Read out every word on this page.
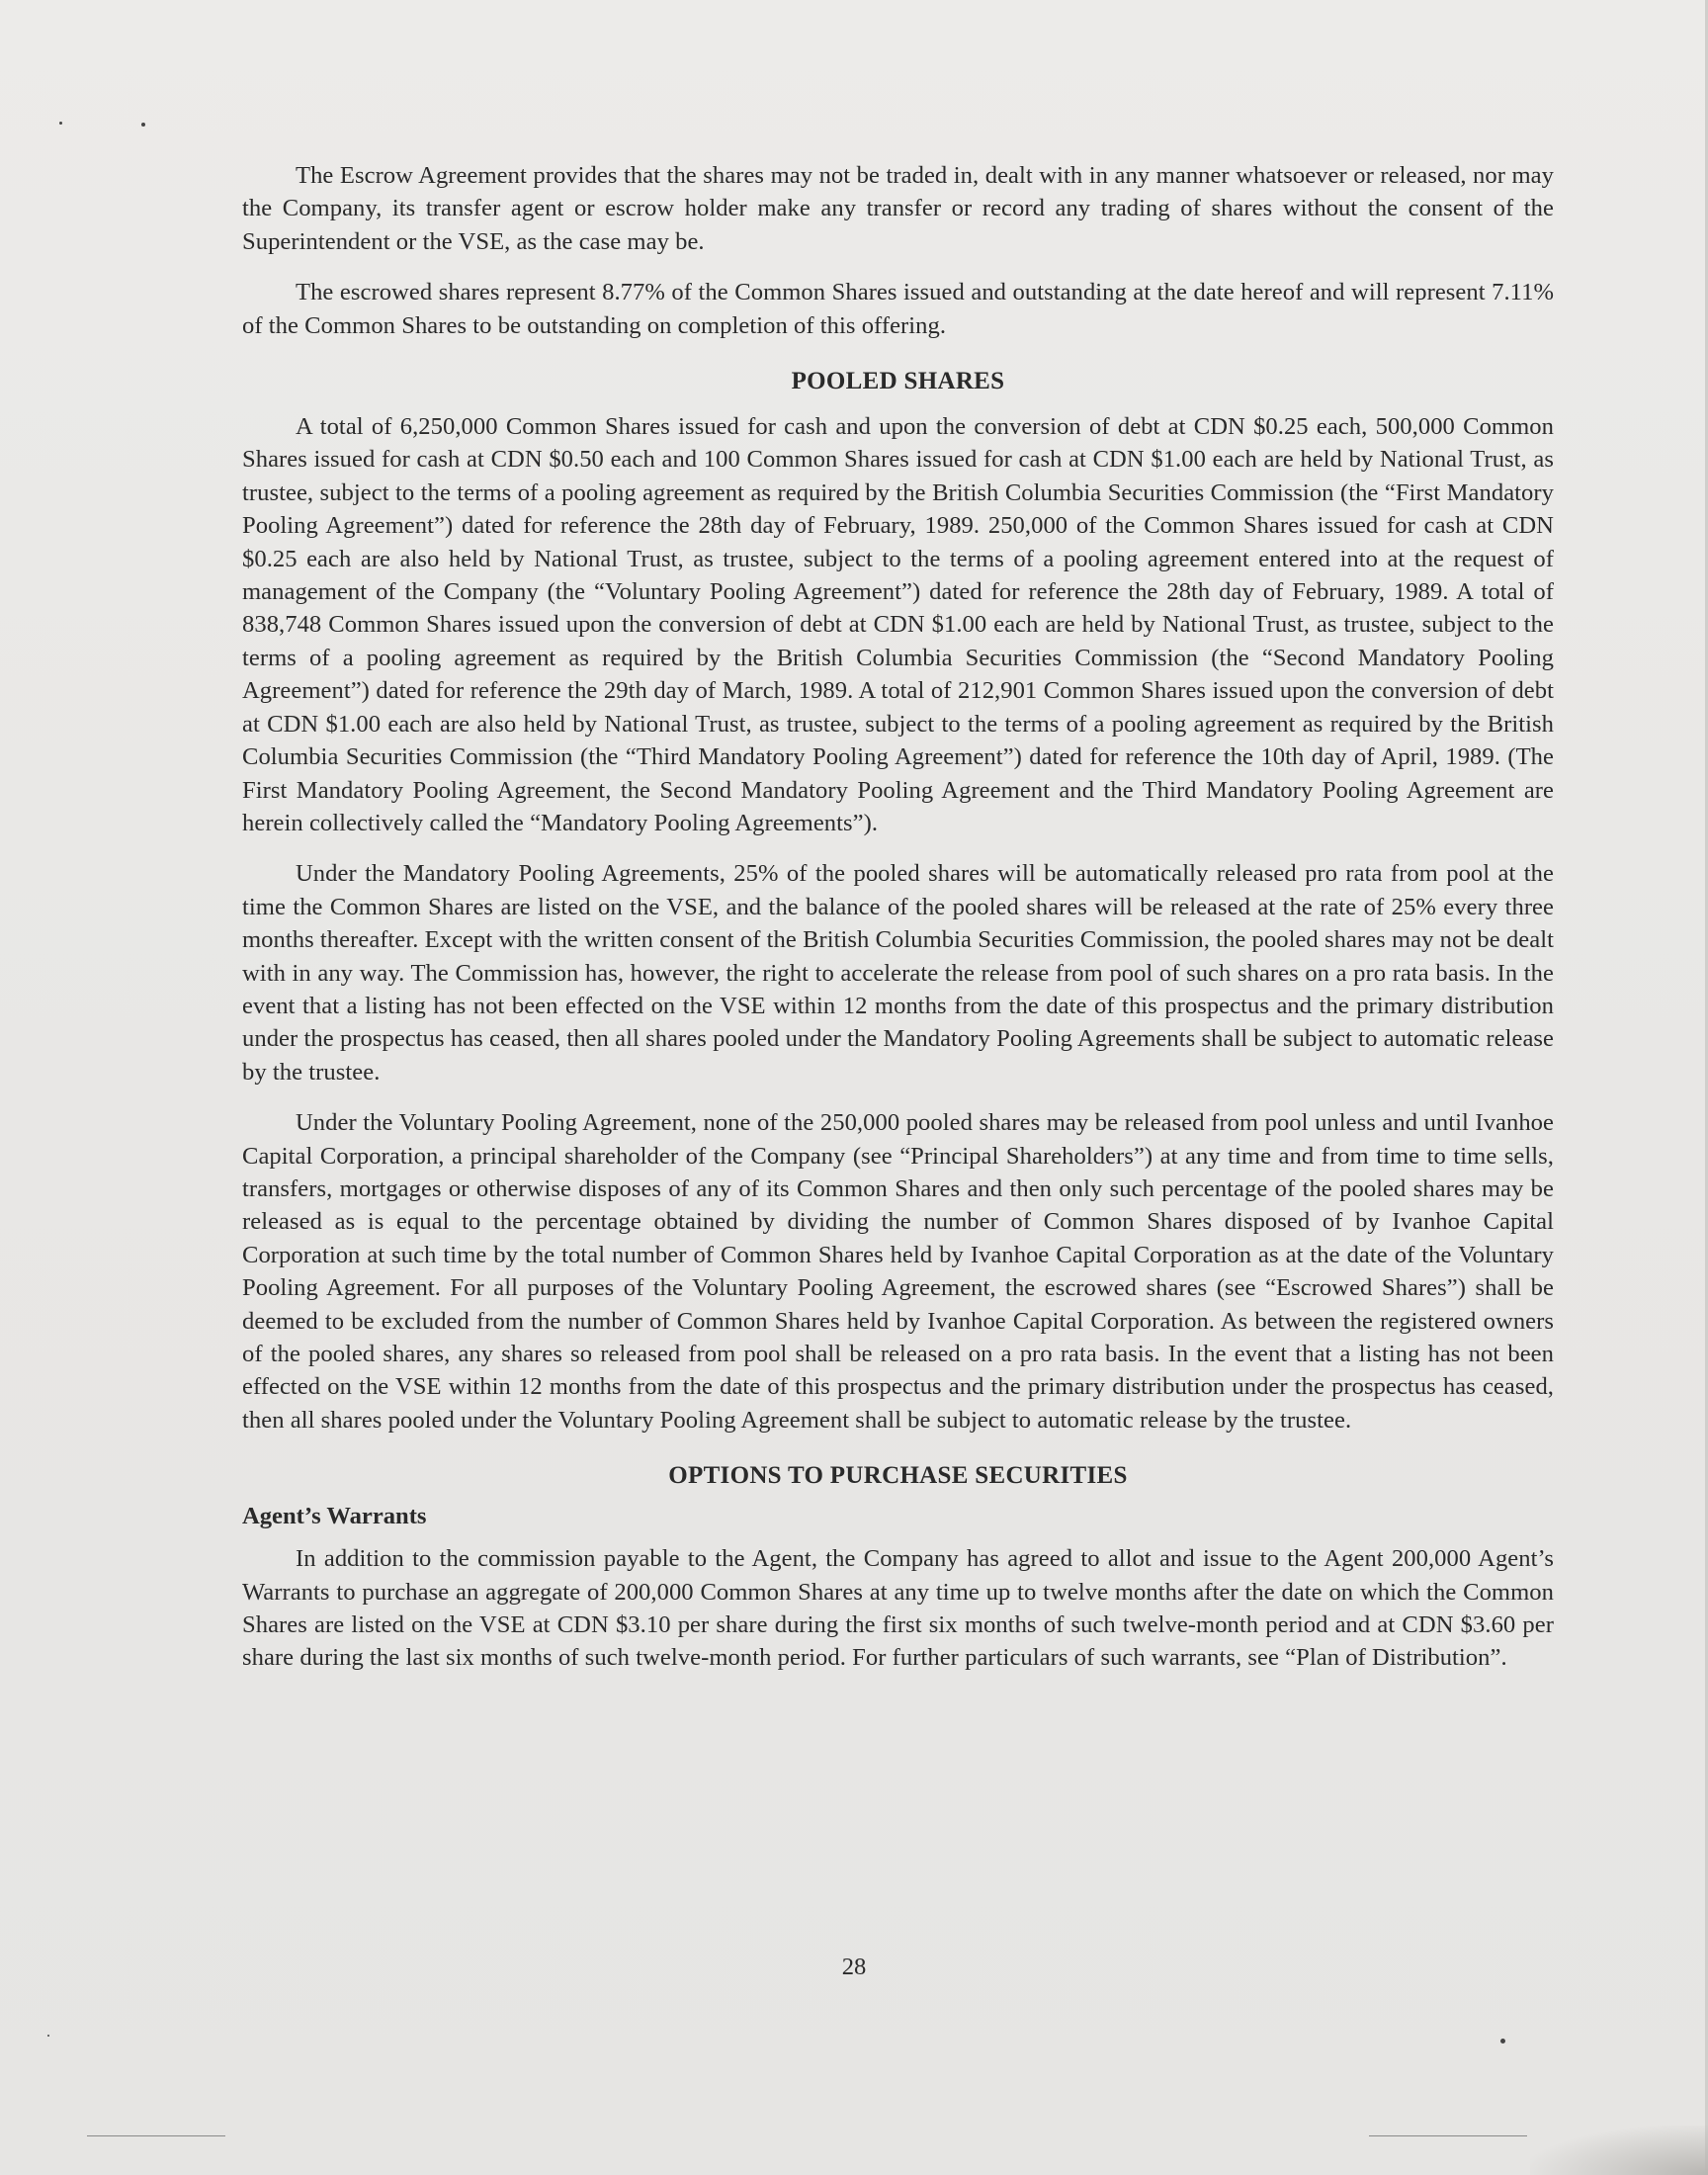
The Escrow Agreement provides that the shares may not be traded in, dealt with in any manner whatsoever or released, nor may the Company, its transfer agent or escrow holder make any transfer or record any trading of shares without the consent of the Superintendent or the VSE, as the case may be.

The escrowed shares represent 8.77% of the Common Shares issued and outstanding at the date hereof and will represent 7.11% of the Common Shares to be outstanding on completion of this offering.

POOLED SHARES

A total of 6,250,000 Common Shares issued for cash and upon the conversion of debt at CDN $0.25 each, 500,000 Common Shares issued for cash at CDN $0.50 each and 100 Common Shares issued for cash at CDN $1.00 each are held by National Trust, as trustee, subject to the terms of a pooling agreement as required by the British Columbia Securities Commission (the “First Mandatory Pooling Agreement”) dated for reference the 28th day of February, 1989. 250,000 of the Common Shares issued for cash at CDN $0.25 each are also held by National Trust, as trustee, subject to the terms of a pooling agreement entered into at the request of management of the Company (the “Voluntary Pooling Agreement”) dated for reference the 28th day of February, 1989. A total of 838,748 Common Shares issued upon the conversion of debt at CDN $1.00 each are held by National Trust, as trustee, subject to the terms of a pooling agreement as required by the British Columbia Securities Commission (the “Second Mandatory Pooling Agreement”) dated for reference the 29th day of March, 1989. A total of 212,901 Common Shares issued upon the conversion of debt at CDN $1.00 each are also held by National Trust, as trustee, subject to the terms of a pooling agreement as required by the British Columbia Securities Commission (the “Third Mandatory Pooling Agreement”) dated for reference the 10th day of April, 1989. (The First Mandatory Pooling Agreement, the Second Mandatory Pooling Agreement and the Third Mandatory Pooling Agreement are herein collectively called the “Mandatory Pooling Agreements”).

Under the Mandatory Pooling Agreements, 25% of the pooled shares will be automatically released pro rata from pool at the time the Common Shares are listed on the VSE, and the balance of the pooled shares will be released at the rate of 25% every three months thereafter. Except with the written consent of the British Columbia Securities Commission, the pooled shares may not be dealt with in any way. The Commission has, however, the right to accelerate the release from pool of such shares on a pro rata basis. In the event that a listing has not been effected on the VSE within 12 months from the date of this prospectus and the primary distribution under the prospectus has ceased, then all shares pooled under the Mandatory Pooling Agreements shall be subject to automatic release by the trustee.

Under the Voluntary Pooling Agreement, none of the 250,000 pooled shares may be released from pool unless and until Ivanhoe Capital Corporation, a principal shareholder of the Company (see “Principal Shareholders”) at any time and from time to time sells, transfers, mortgages or otherwise disposes of any of its Common Shares and then only such percentage of the pooled shares may be released as is equal to the percentage obtained by dividing the number of Common Shares disposed of by Ivanhoe Capital Corporation at such time by the total number of Common Shares held by Ivanhoe Capital Corporation as at the date of the Voluntary Pooling Agreement. For all purposes of the Voluntary Pooling Agreement, the escrowed shares (see “Escrowed Shares”) shall be deemed to be excluded from the number of Common Shares held by Ivanhoe Capital Corporation. As between the registered owners of the pooled shares, any shares so released from pool shall be released on a pro rata basis. In the event that a listing has not been effected on the VSE within 12 months from the date of this prospectus and the primary distribution under the prospectus has ceased, then all shares pooled under the Voluntary Pooling Agreement shall be subject to automatic release by the trustee.

OPTIONS TO PURCHASE SECURITIES
Agent’s Warrants

In addition to the commission payable to the Agent, the Company has agreed to allot and issue to the Agent 200,000 Agent’s Warrants to purchase an aggregate of 200,000 Common Shares at any time up to twelve months after the date on which the Common Shares are listed on the VSE at CDN $3.10 per share during the first six months of such twelve-month period and at CDN $3.60 per share during the last six months of such twelve-month period. For further particulars of such warrants, see “Plan of Distribution”.

28
